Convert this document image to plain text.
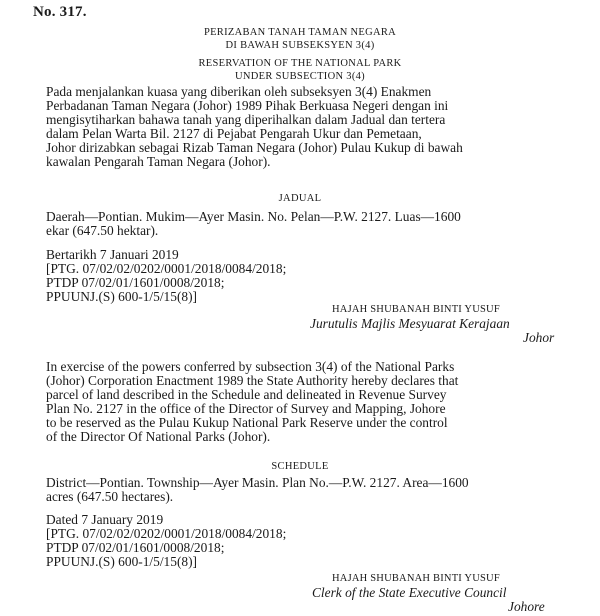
No. 317.
PERIZABAN TANAH TAMAN NEGARA
DI BAWAH SUBSEKSYEN 3(4)
RESERVATION OF THE NATIONAL PARK
UNDER SUBSECTION 3(4)
Pada menjalankan kuasa yang diberikan oleh subseksyen 3(4) Enakmen
Perbadanan Taman Negara (Johor) 1989 Pihak Berkuasa Negeri dengan ini
mengisytiharkan bahawa tanah yang diperihalkan dalam Jadual dan tertera
dalam Pelan Warta Bil. 2127 di Pejabat Pengarah Ukur dan Pemetaan,
Johor dirizabkan sebagai Rizab Taman Negara (Johor) Pulau Kukup di bawah
kawalan Pengarah Taman Negara (Johor).
JADUAL
Daerah—Pontian. Mukim—Ayer Masin. No. Pelan—P.W. 2127. Luas—1600
ekar (647.50 hektar).
Bertarikh 7 Januari 2019
[PTG. 07/02/02/0202/0001/2018/0084/2018;
PTDP 07/02/01/1601/0008/2018;
PPUUNJ.(S) 600-1/5/15(8)]
HAJAH SHUBANAH BINTI YUSUF
Jurutulis Majlis Mesyuarat Kerajaan
Johor
In exercise of the powers conferred by subsection 3(4) of the National Parks
(Johor) Corporation Enactment 1989 the State Authority hereby declares that
parcel of land described in the Schedule and delineated in Revenue Survey
Plan No. 2127 in the office of the Director of Survey and Mapping, Johore
to be reserved as the Pulau Kukup National Park Reserve under the control
of the Director Of National Parks (Johor).
SCHEDULE
District—Pontian. Township—Ayer Masin. Plan No.—P.W. 2127. Area—1600
acres (647.50 hectares).
Dated 7 January 2019
[PTG. 07/02/02/0202/0001/2018/0084/2018;
PTDP 07/02/01/1601/0008/2018;
PPUUNJ.(S) 600-1/5/15(8)]
HAJAH SHUBANAH BINTI YUSUF
Clerk of the State Executive Council
Johore
